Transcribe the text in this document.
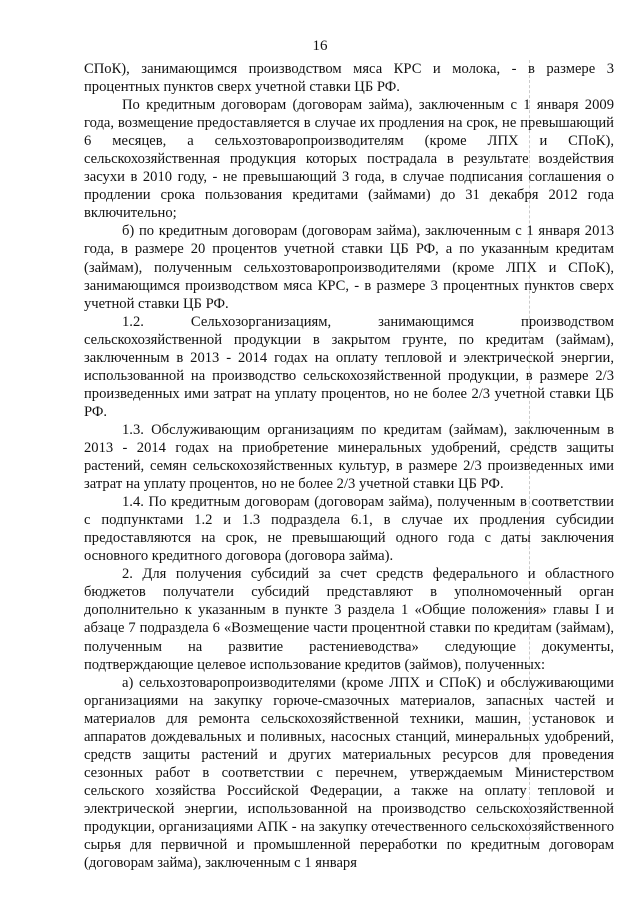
16

СПоК), занимающимся производством мяса КРС и молока, - в размере 3 процентных пунктов сверх учетной ставки ЦБ РФ.

По кредитным договорам (договорам займа), заключенным с 1 января 2009 года, возмещение предоставляется в случае их продления на срок, не превышающий 6 месяцев, а сельхозтоваропроизводителям (кроме ЛПХ и СПоК), сельскохозяйственная продукция которых пострадала в результате воздействия засухи в 2010 году, - не превышающий 3 года, в случае подписания соглашения о продлении срока пользования кредитами (займами) до 31 декабря 2012 года включительно;

б) по кредитным договорам (договорам займа), заключенным с 1 января 2013 года, в размере 20 процентов учетной ставки ЦБ РФ, а по указанным кредитам (займам), полученным сельхозтоваропроизводителями (кроме ЛПХ и СПоК), занимающимся производством мяса КРС, - в размере 3 процентных пунктов сверх учетной ставки ЦБ РФ.

1.2. Сельхозорганизациям, занимающимся производством сельскохозяйственной продукции в закрытом грунте, по кредитам (займам), заключенным в 2013 - 2014 годах на оплату тепловой и электрической энергии, использованной на производство сельскохозяйственной продукции, в размере 2/3 произведенных ими затрат на уплату процентов, но не более 2/3 учетной ставки ЦБ РФ.

1.3. Обслуживающим организациям по кредитам (займам), заключенным в 2013 - 2014 годах на приобретение минеральных удобрений, средств защиты растений, семян сельскохозяйственных культур, в размере 2/3 произведенных ими затрат на уплату процентов, но не более 2/3 учетной ставки ЦБ РФ.

1.4. По кредитным договорам (договорам займа), полученным в соответствии с подпунктами 1.2 и 1.3 подраздела 6.1, в случае их продления субсидии предоставляются на срок, не превышающий одного года с даты заключения основного кредитного договора (договора займа).

2. Для получения субсидий за счет средств федерального и областного бюджетов получатели субсидий представляют в уполномоченный орган дополнительно к указанным в пункте 3 раздела 1 «Общие положения» главы I и абзаце 7 подраздела 6 «Возмещение части процентной ставки по кредитам (займам), полученным на развитие растениеводства» следующие документы, подтверждающие целевое использование кредитов (займов), полученных:

а) сельхозтоваропроизводителями (кроме ЛПХ и СПоК) и обслуживающими организациями на закупку горюче-смазочных материалов, запасных частей и материалов для ремонта сельскохозяйственной техники, машин, установок и аппаратов дождевальных и поливных, насосных станций, минеральных удобрений, средств защиты растений и других материальных ресурсов для проведения сезонных работ в соответствии с перечнем, утверждаемым Министерством сельского хозяйства Российской Федерации, а также на оплату тепловой и электрической энергии, использованной на производство сельскохозяйственной продукции, организациями АПК - на закупку отечественного сельскохозяйственного сырья для первичной и промышленной переработки по кредитным договорам (договорам займа), заключенным с 1 января
